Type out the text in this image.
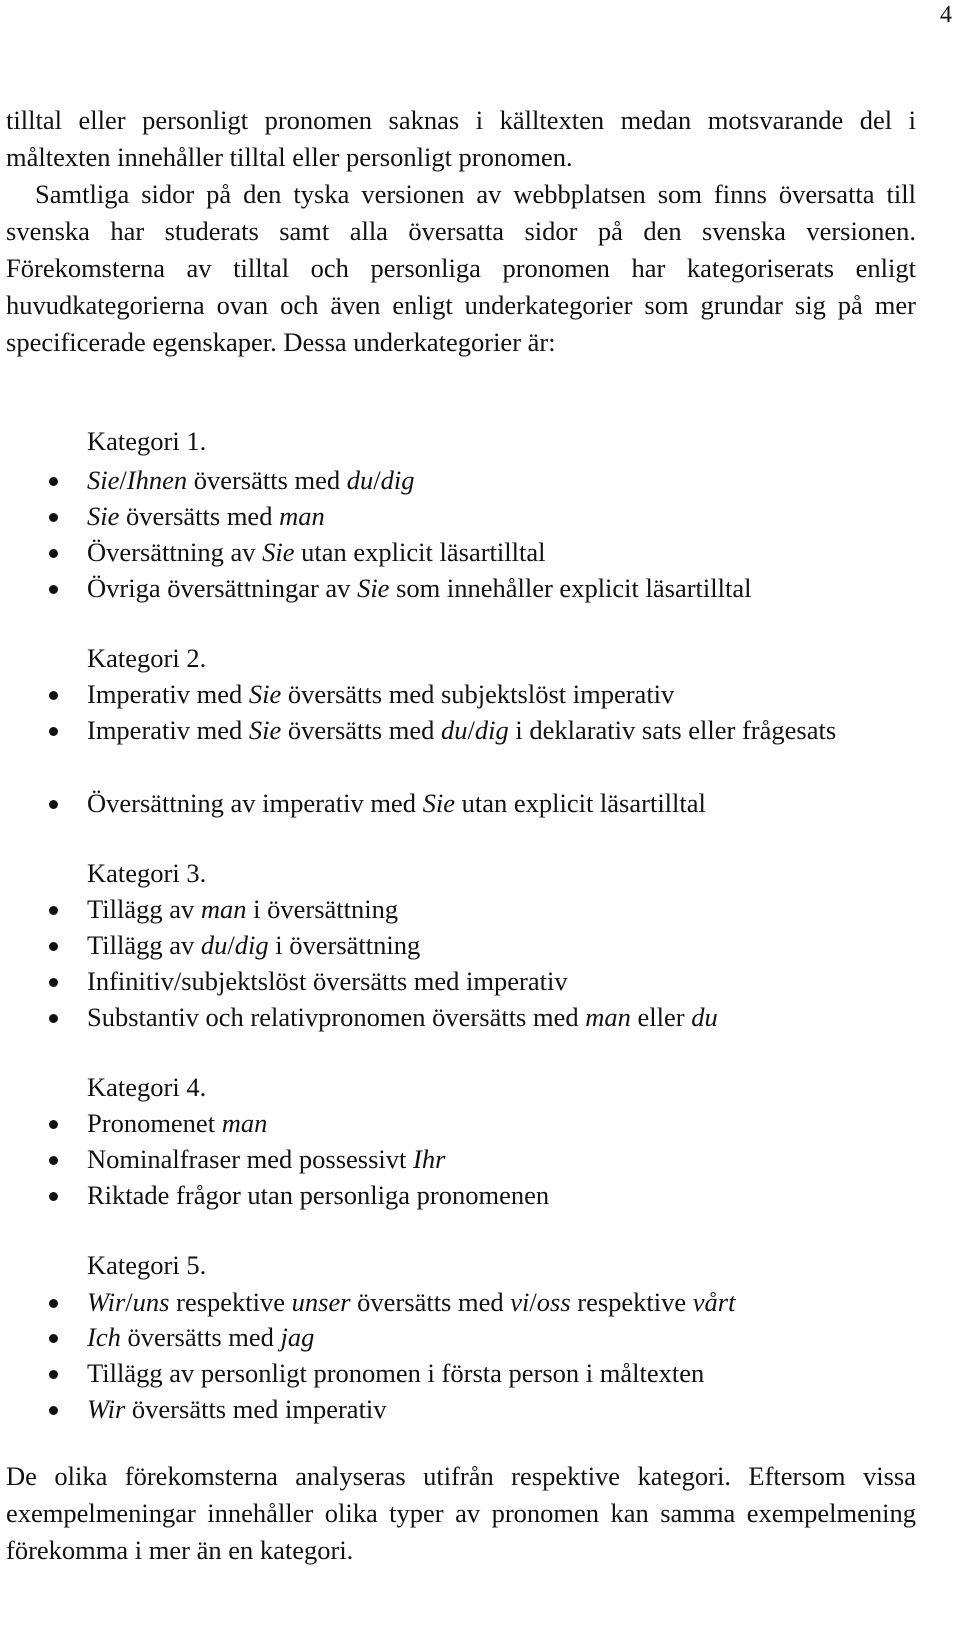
4

tilltal eller personligt pronomen saknas i källtexten medan motsvarande del i måltexten innehåller tilltal eller personligt pronomen.
Samtliga sidor på den tyska versionen av webbplatsen som finns översatta till svenska har studerats samt alla översatta sidor på den svenska versionen. Förekomsterna av tilltal och personliga pronomen har kategoriserats enligt huvudkategorierna ovan och även enligt underkategorier som grundar sig på mer specificerade egenskaper. Dessa underkategorier är:

Kategori 1.

Sie/Ihnen översätts med du/dig
Sie översätts med man
Översättning av Sie utan explicit läsartilltal
Övriga översättningar av Sie som innehåller explicit läsartilltal

Kategori 2.

Imperativ med Sie översätts med subjektslöst imperativ
Imperativ med Sie översätts med du/dig i deklarativ sats eller frågesats
Översättning av imperativ med Sie utan explicit läsartilltal

Kategori 3.

Tillägg av man i översättning
Tillägg av du/dig i översättning
Infinitiv/subjektslöst översätts med imperativ
Substantiv och relativpronomen översätts med man eller du

Kategori 4.

Pronomenet man
Nominalfraser med possessivt Ihr
Riktade frågor utan personliga pronomenen

Kategori 5.

Wir/uns respektive unser översätts med vi/oss respektive vårt
Ich översätts med jag
Tillägg av personligt pronomen i första person i måltexten
Wir översätts med imperativ

De olika förekomsterna analyseras utifrån respektive kategori. Eftersom vissa exempelmeningar innehåller olika typer av pronomen kan samma exempelmening förekomma i mer än en kategori.
